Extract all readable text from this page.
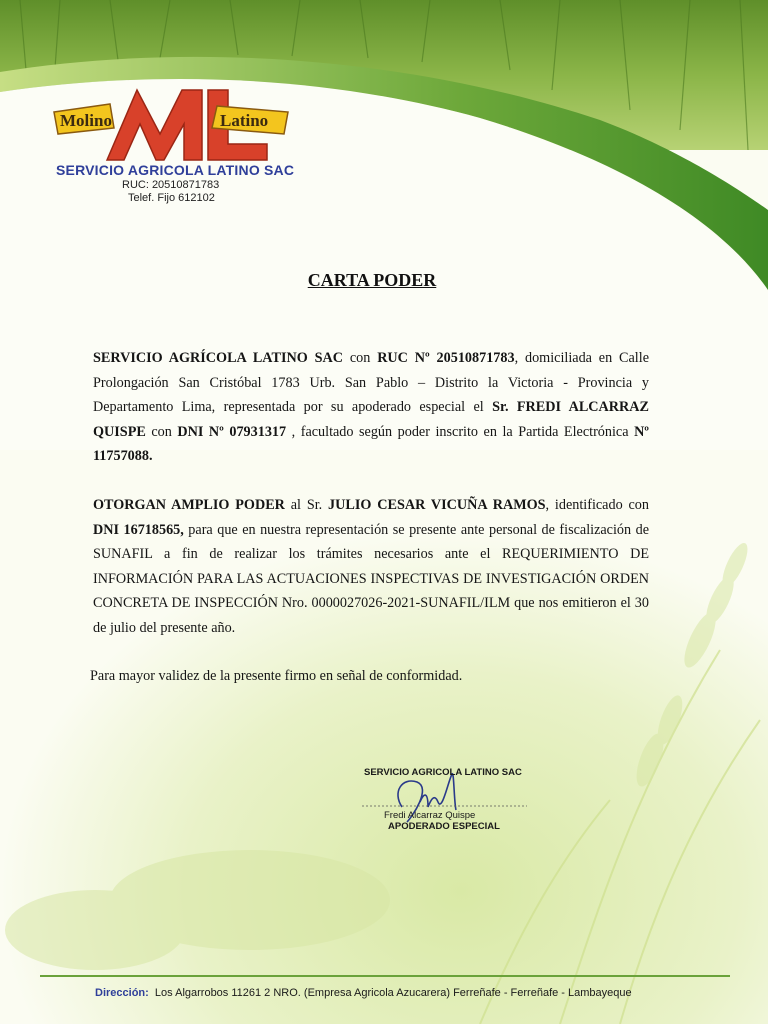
Molino	Latino
SERVICIO AGRICOLA LATINO SAC
RUC: 20510871783
Telef. Fijo 612102
CARTA PODER
SERVICIO AGRÍCOLA LATINO SAC con RUC Nº 20510871783, domiciliada en Calle Prolongación San Cristóbal 1783 Urb. San Pablo – Distrito la Victoria - Provincia y Departamento Lima, representada por su apoderado especial el Sr. FREDI ALCARRAZ QUISPE con DNI Nº 07931317 , facultado según poder inscrito en la Partida Electrónica Nº 11757088.
OTORGAN AMPLIO PODER al Sr. JULIO CESAR VICUÑA RAMOS, identificado con DNI 16718565, para que en nuestra representación se presente ante personal de fiscalización de SUNAFIL a fin de realizar los trámites necesarios ante el REQUERIMIENTO DE INFORMACIÓN PARA LAS ACTUACIONES INSPECTIVAS DE INVESTIGACIÓN ORDEN CONCRETA DE INSPECCIÓN Nro. 0000027026-2021-SUNAFIL/ILM que nos emitieron el 30 de julio del presente año.
Para mayor validez de la presente firmo en señal de conformidad.
SERVICIO AGRICOLA LATINO SAC
Fredi Alcarraz Quispe
APODERADO ESPECIAL
Dirección: Los Algarrobos 11261 2 NRO. (Empresa Agricola Azucarera) Ferreñafe - Ferreñafe - Lambayeque
